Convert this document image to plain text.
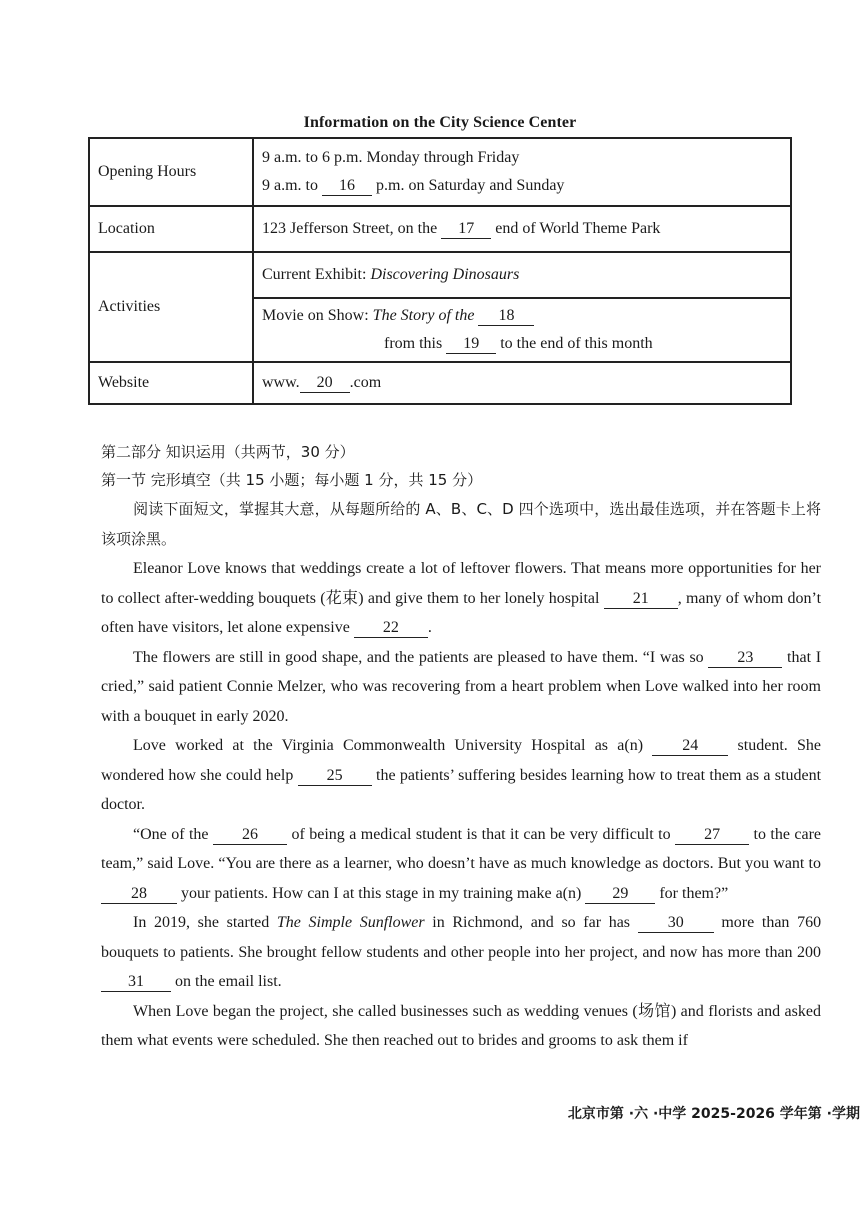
Information on the City Science Center
Opening Hours	9 a.m. to 6 p.m. Monday through Friday
9 a.m. to 16 p.m. on Saturday and Sunday

Location	123 Jefferson Street, on the 17 end of World Theme Park

Activities	Current Exhibit: Discovering Dinosaurs

	Movie on Show: The Story of the 18
from this 19 to the end of this month

Website	www. 20 .com

第二部分 知识运用（共两节，30 分）

第一节 完形填空（共 15 小题；每小题 1 分，共 15 分）

阅读下面短文，掌握其大意，从每题所给的 A、B、C、D 四个选项中，选出最佳选项，并在答题卡上将该项涂黑。

Eleanor Love knows that weddings create a lot of leftover flowers. That means more opportunities for her to collect after-wedding bouquets (花束) and give them to her lonely hospital 21 , many of whom don’t often have visitors, let alone expensive 22 .

The flowers are still in good shape, and the patients are pleased to have them. “I was so 23 that I cried,” said patient Connie Melzer, who was recovering from a heart problem when Love walked into her room with a bouquet in early 2020.

Love worked at the Virginia Commonwealth University Hospital as a(n) 24 student. She wondered how she could help 25 the patients’ suffering besides learning how to treat them as a student doctor.

“One of the 26 of being a medical student is that it can be very difficult to 27 to the care team,” said Love. “You are there as a learner, who doesn’t have as much knowledge as doctors. But you want to 28 your patients. How can I at this stage in my training make a(n) 29 for them?”

In 2019, she started The Simple Sunflower in Richmond, and so far has 30 more than 760 bouquets to patients. She brought fellow students and other people into her project, and now has more than 200 31 on the email list.

When Love began the project, she called businesses such as wedding venues (场馆) and florists and asked them what events were scheduled. She then reached out to brides and grooms to ask them if

北京市第 ·六 ·中学 2025-2026 学年第 ·学期
